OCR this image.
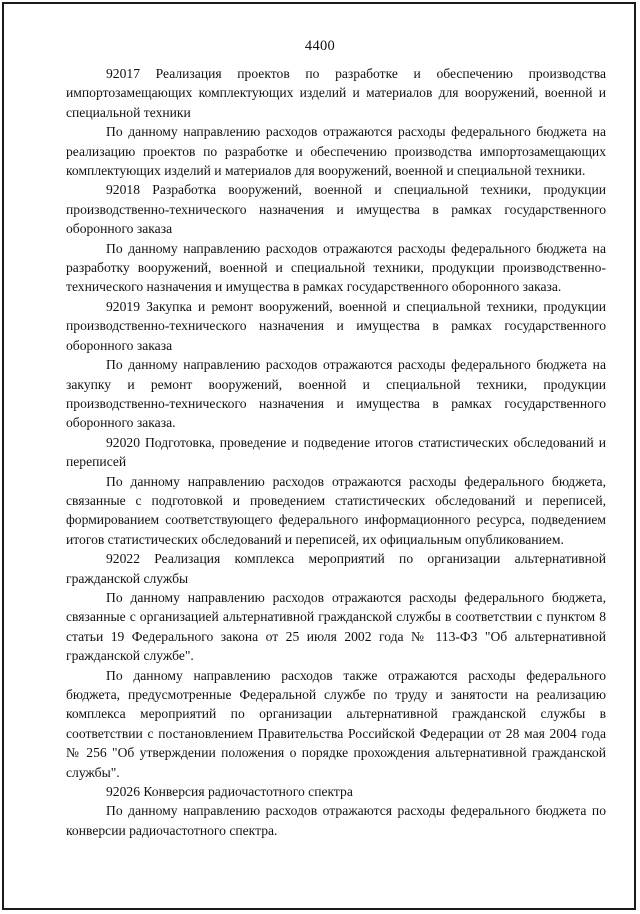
4400

92017 Реализация проектов по разработке и обеспечению производства импортозамещающих комплектующих изделий и материалов для вооружений, военной и специальной техники

По данному направлению расходов отражаются расходы федерального бюджета на реализацию проектов по разработке и обеспечению производства импортозамещающих комплектующих изделий и материалов для вооружений, военной и специальной техники.

92018 Разработка вооружений, военной и специальной техники, продукции производственно-технического назначения и имущества в рамках государственного оборонного заказа

По данному направлению расходов отражаются расходы федерального бюджета на разработку вооружений, военной и специальной техники, продукции производственно-технического назначения и имущества в рамках государственного оборонного заказа.

92019 Закупка и ремонт вооружений, военной и специальной техники, продукции производственно-технического назначения и имущества в рамках государственного оборонного заказа

По данному направлению расходов отражаются расходы федерального бюджета на закупку и ремонт вооружений, военной и специальной техники, продукции производственно-технического назначения и имущества в рамках государственного оборонного заказа.

92020 Подготовка, проведение и подведение итогов статистических обследований и переписей

По данному направлению расходов отражаются расходы федерального бюджета, связанные с подготовкой и проведением статистических обследований и переписей, формированием соответствующего федерального информационного ресурса, подведением итогов статистических обследований и переписей, их официальным опубликованием.

92022 Реализация комплекса мероприятий по организации альтернативной гражданской службы

По данному направлению расходов отражаются расходы федерального бюджета, связанные с организацией альтернативной гражданской службы в соответствии с пунктом 8 статьи 19 Федерального закона от 25 июля 2002 года № 113-ФЗ "Об альтернативной гражданской службе".

По данному направлению расходов также отражаются расходы федерального бюджета, предусмотренные Федеральной службе по труду и занятости на реализацию комплекса мероприятий по организации альтернативной гражданской службы в соответствии с постановлением Правительства Российской Федерации от 28 мая 2004 года № 256 "Об утверждении положения о порядке прохождения альтернативной гражданской службы".

92026 Конверсия радиочастотного спектра

По данному направлению расходов отражаются расходы федерального бюджета по конверсии радиочастотного спектра.
